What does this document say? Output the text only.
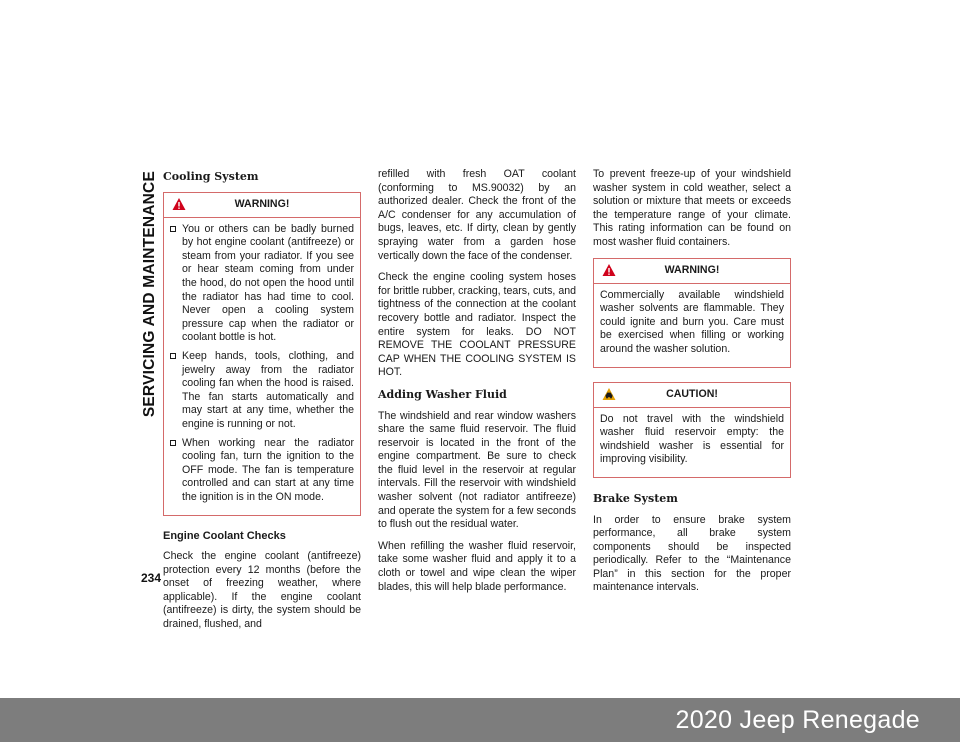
SERVICING AND MAINTENANCE
234
Cooling System
WARNING!
You or others can be badly burned by hot engine coolant (antifreeze) or steam from your radiator. If you see or hear steam coming from under the hood, do not open the hood until the radiator has had time to cool. Never open a cooling system pressure cap when the radiator or coolant bottle is hot.
Keep hands, tools, clothing, and jewelry away from the radiator cooling fan when the hood is raised. The fan starts automatically and may start at any time, whether the engine is running or not.
When working near the radiator cooling fan, turn the ignition to the OFF mode. The fan is temperature controlled and can start at any time the ignition is in the ON mode.
Engine Coolant Checks

Check the engine coolant (antifreeze) protection every 12 months (before the onset of freezing weather, where applicable). If the engine coolant (antifreeze) is dirty, the system should be drained, flushed, and

refilled with fresh OAT coolant (conforming to MS.90032) by an authorized dealer. Check the front of the A/C condenser for any accumulation of bugs, leaves, etc. If dirty, clean by gently spraying water from a garden hose vertically down the face of the condenser.

Check the engine cooling system hoses for brittle rubber, cracking, tears, cuts, and tightness of the connection at the coolant recovery bottle and radiator. Inspect the entire system for leaks. DO NOT REMOVE THE COOLANT PRESSURE CAP WHEN THE COOLING SYSTEM IS HOT.

Adding Washer Fluid

The windshield and rear window washers share the same fluid reservoir. The fluid reservoir is located in the front of the engine compartment. Be sure to check the fluid level in the reservoir at regular intervals. Fill the reservoir with windshield washer solvent (not radiator antifreeze) and operate the system for a few seconds to flush out the residual water.

When refilling the washer fluid reservoir, take some washer fluid and apply it to a cloth or towel and wipe clean the wiper blades, this will help blade performance.

To prevent freeze-up of your windshield washer system in cold weather, select a solution or mixture that meets or exceeds the temperature range of your climate. This rating information can be found on most washer fluid containers.

WARNING!

Commercially available windshield washer solvents are flammable. They could ignite and burn you. Care must be exercised when filling or working around the washer solution.

CAUTION!

Do not travel with the windshield washer fluid reservoir empty: the windshield washer is essential for improving visibility.

Brake System

In order to ensure brake system performance, all brake system components should be inspected periodically. Refer to the “Maintenance Plan” in this section for the proper maintenance intervals.

2020 Jeep Renegade
